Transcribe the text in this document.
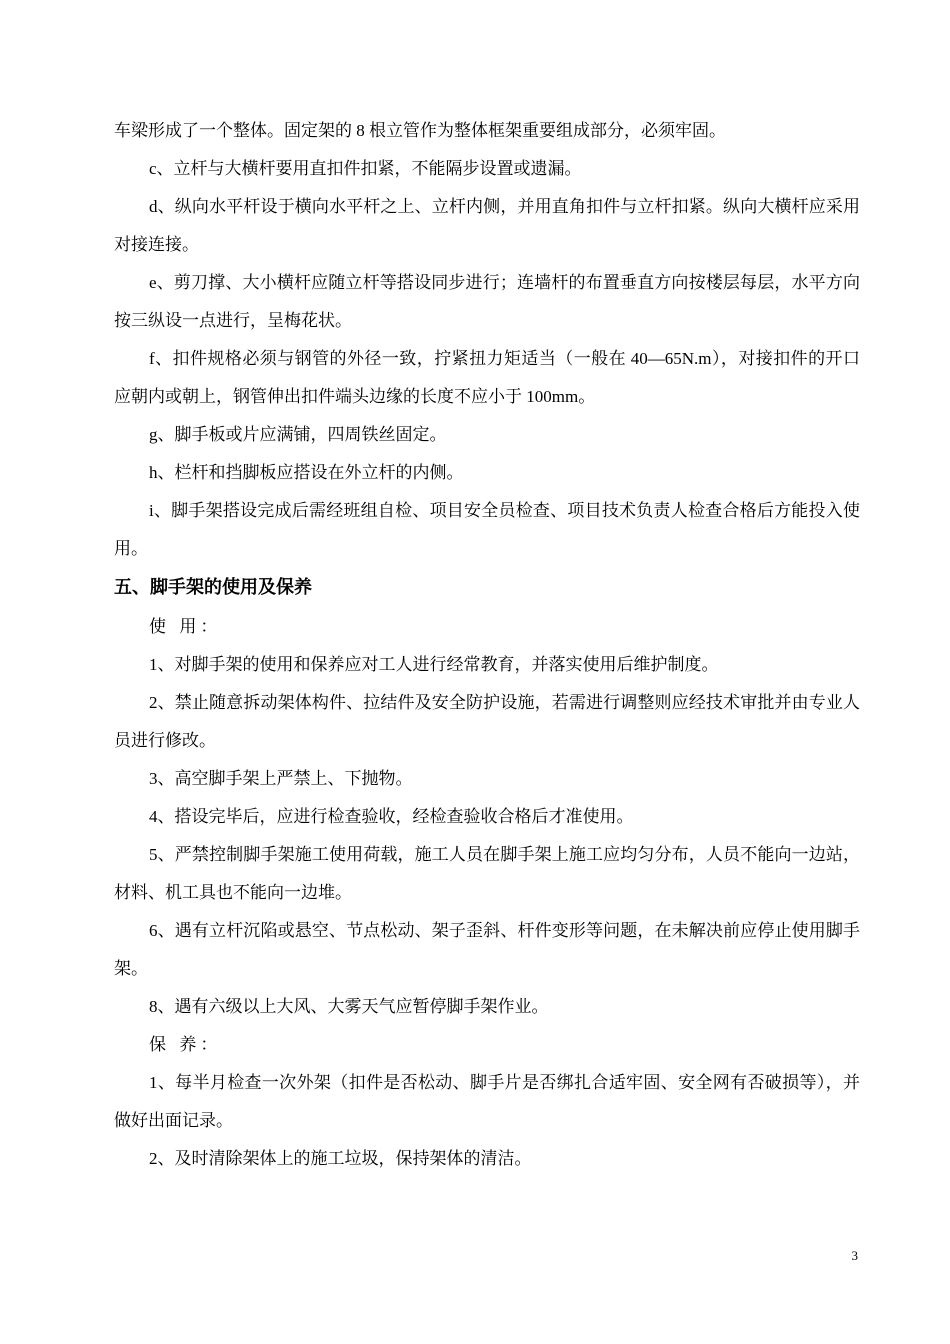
车梁形成了一个整体。固定架的 8 根立管作为整体框架重要组成部分，必须牢固。

c、立杆与大横杆要用直扣件扣紧，不能隔步设置或遗漏。

d、纵向水平杆设于横向水平杆之上、立杆内侧，并用直角扣件与立杆扣紧。纵向大横杆应采用对接连接。

e、剪刀撑、大小横杆应随立杆等搭设同步进行；连墙杆的布置垂直方向按楼层每层，水平方向按三纵设一点进行，呈梅花状。

f、扣件规格必须与钢管的外径一致，拧紧扭力矩适当（一般在 40—65N.m），对接扣件的开口应朝内或朝上，钢管伸出扣件端头边缘的长度不应小于 100mm。

g、脚手板或片应满铺，四周铁丝固定。

h、栏杆和挡脚板应搭设在外立杆的内侧。

i、脚手架搭设完成后需经班组自检、项目安全员检查、项目技术负责人检查合格后方能投入使用。

五、脚手架的使用及保养

使 用：

1、对脚手架的使用和保养应对工人进行经常教育，并落实使用后维护制度。

2、禁止随意拆动架体构件、拉结件及安全防护设施，若需进行调整则应经技术审批并由专业人员进行修改。

3、高空脚手架上严禁上、下抛物。

4、搭设完毕后，应进行检查验收，经检查验收合格后才准使用。

5、严禁控制脚手架施工使用荷载，施工人员在脚手架上施工应均匀分布，人员不能向一边站，材料、机工具也不能向一边堆。

6、遇有立杆沉陷或悬空、节点松动、架子歪斜、杆件变形等问题，在未解决前应停止使用脚手架。

8、遇有六级以上大风、大雾天气应暂停脚手架作业。

保 养：

1、每半月检查一次外架（扣件是否松动、脚手片是否绑扎合适牢固、安全网有否破损等），并做好出面记录。

2、及时清除架体上的施工垃圾，保持架体的清洁。

3
